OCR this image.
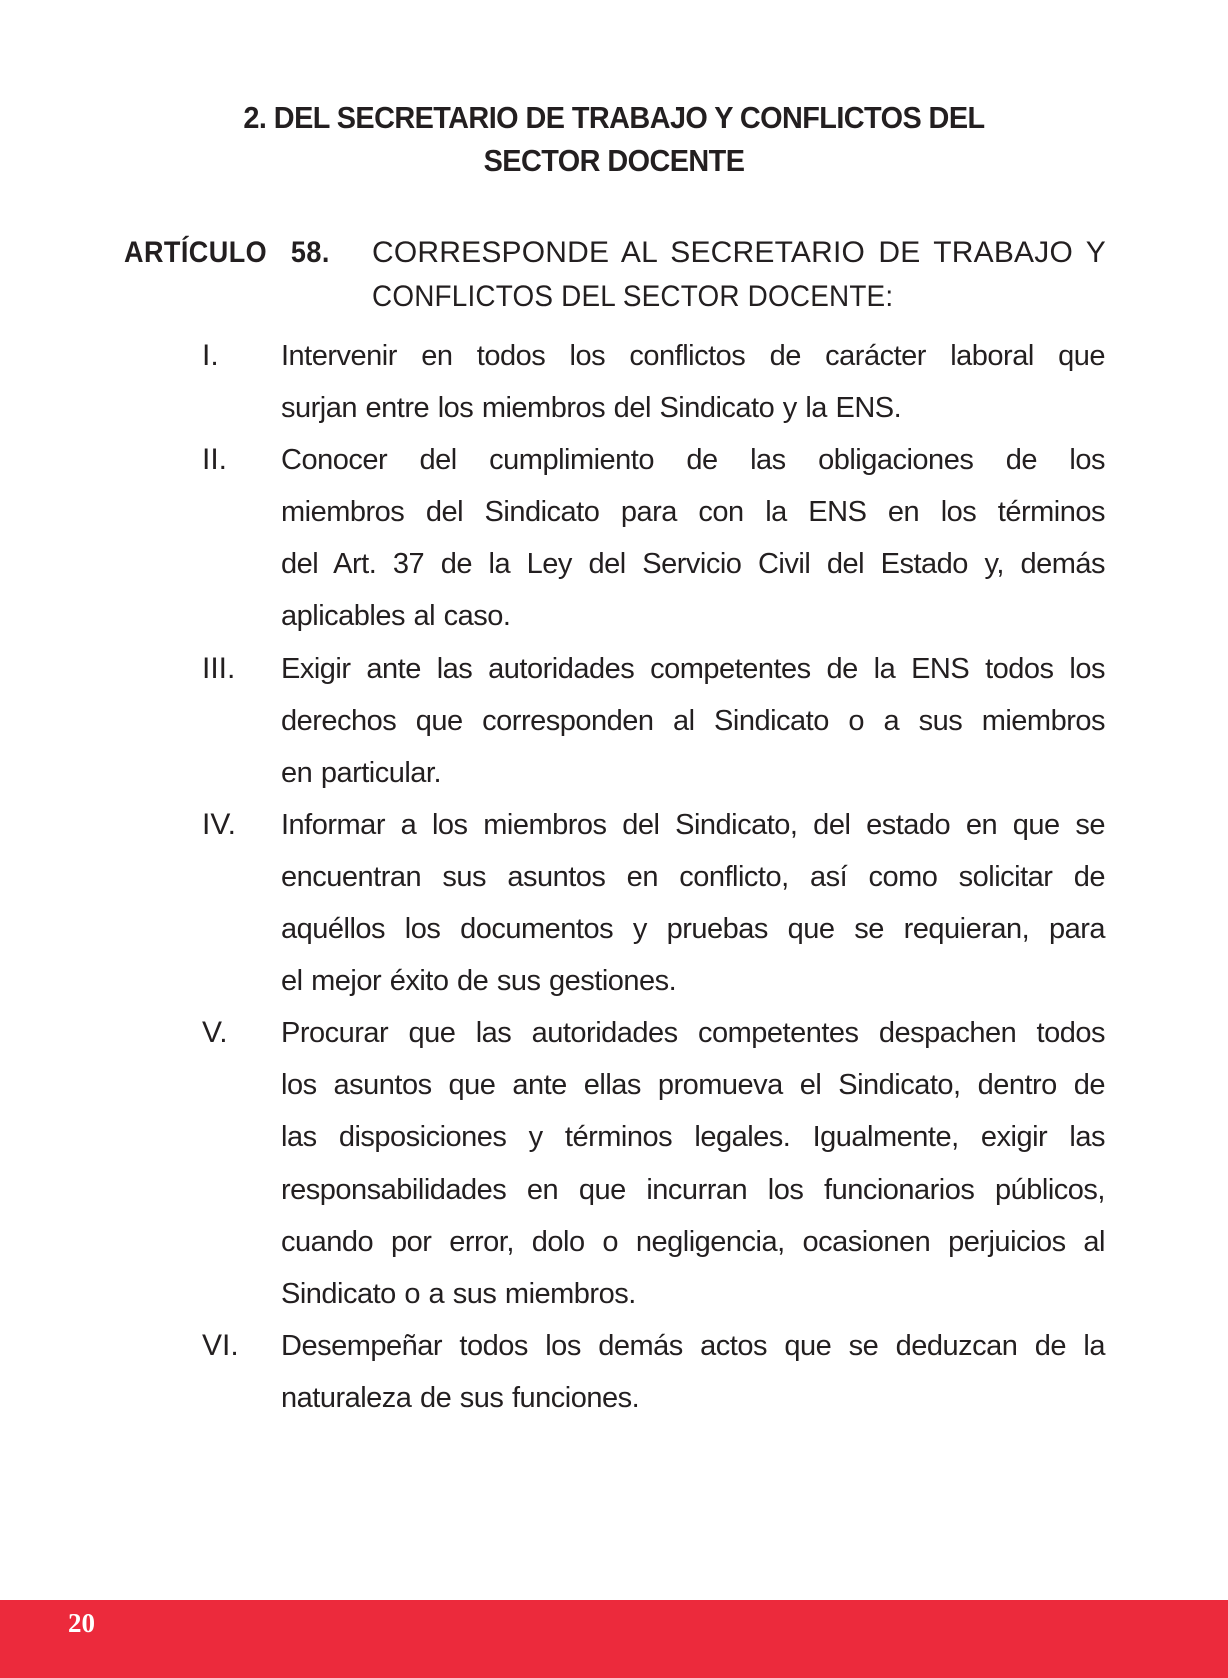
2. DEL SECRETARIO DE TRABAJO Y CONFLICTOS DEL
SECTOR DOCENTE
ARTÍCULO   58. CORRESPONDE AL SECRETARIO DE TRABAJO Y
CONFLICTOS DEL SECTOR DOCENTE:
I. Intervenir en todos los conflictos de carácter laboral que
surjan entre los miembros del Sindicato y la ENS.
II. Conocer del cumplimiento de las obligaciones de los
miembros del Sindicato para con la ENS en los términos
del Art. 37 de la Ley del Servicio Civil del Estado y, demás
aplicables al caso.
III. Exigir ante las autoridades competentes de la ENS todos los
derechos que corresponden al Sindicato o a sus miembros
en particular.
IV. Informar a los miembros del Sindicato, del estado en que se
encuentran sus asuntos en conflicto, así como solicitar de
aquéllos los documentos y pruebas que se requieran, para
el mejor éxito de sus gestiones.
V. Procurar que las autoridades competentes despachen todos
los asuntos que ante ellas promueva el Sindicato, dentro de
las disposiciones y términos legales. Igualmente, exigir las
responsabilidades en que incurran los funcionarios públicos,
cuando por error, dolo o negligencia, ocasionen perjuicios al
Sindicato o a sus miembros.
VI. Desempeñar todos los demás actos que se deduzcan de la
naturaleza de sus funciones.
20
